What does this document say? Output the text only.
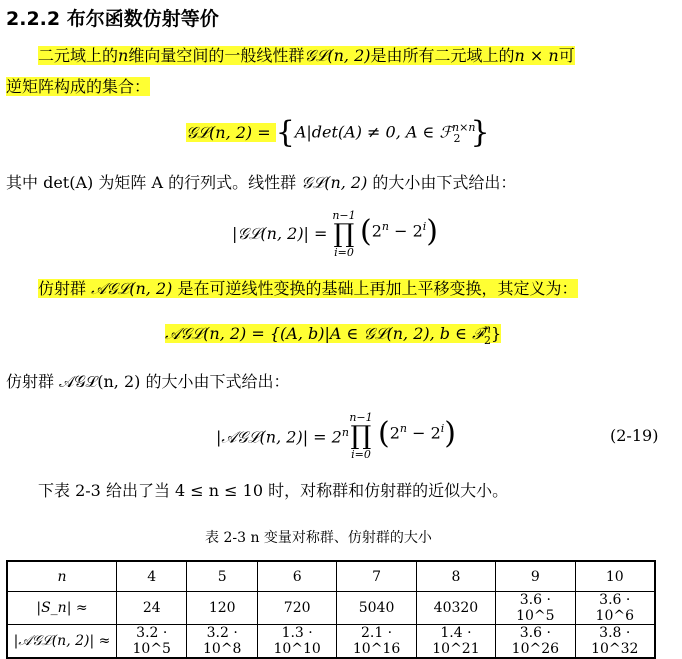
2.2.2 布尔函数仿射等价
二元域上的n维向量空间的一般线性群𝒢ℒ(n, 2)是由所有二元域上的n × n可
逆矩阵构成的集合：
𝒢ℒ(n, 2) = {A|det(A) ≠ 0, A ∈ ℱ$^{n\times n}_2$ }
其中 det(A) 为矩阵 A 的行列式。线性群 𝒢ℒ(n, 2) 的大小由下式给出：
|𝒢ℒ(n, 2)| =
n−1
∏
i=0
$(2^n - 2^i)$
仿射群 𝒜𝒢ℒ(n, 2) 是在可逆线性变换的基础上再加上平移变换，其定义为：
𝒜𝒢ℒ(n, 2) = {(A, b)|A ∈ 𝒢ℒ(n, 2), b ∈ ℱ$^n_2$}
仿射群 𝒜𝒢ℒ(n, 2) 的大小由下式给出：
|𝒜𝒢ℒ(n, $2)| = 2^n$
n−1
∏
i=0
$(2^n - 2^i)$	(2-19)
下表 2-3 给出了当 4 ≤ n ≤ 10 时，对称群和仿射群的近似大小。
表 2-3 n 变量对称群、仿射群的大小
n	4	5	6	7	8	9	10
|S_n| ≈	24	120	720	5040	40320	3.6 · 10^5	3.6 · 10^6
|𝒜𝒢ℒ(n, 2)| ≈	3.2 · 10^5	3.2 · 10^8	1.3 · 10^10	2.1 · 10^16	1.4 · 10^21	3.6 · 10^26	3.8 · 10^32
